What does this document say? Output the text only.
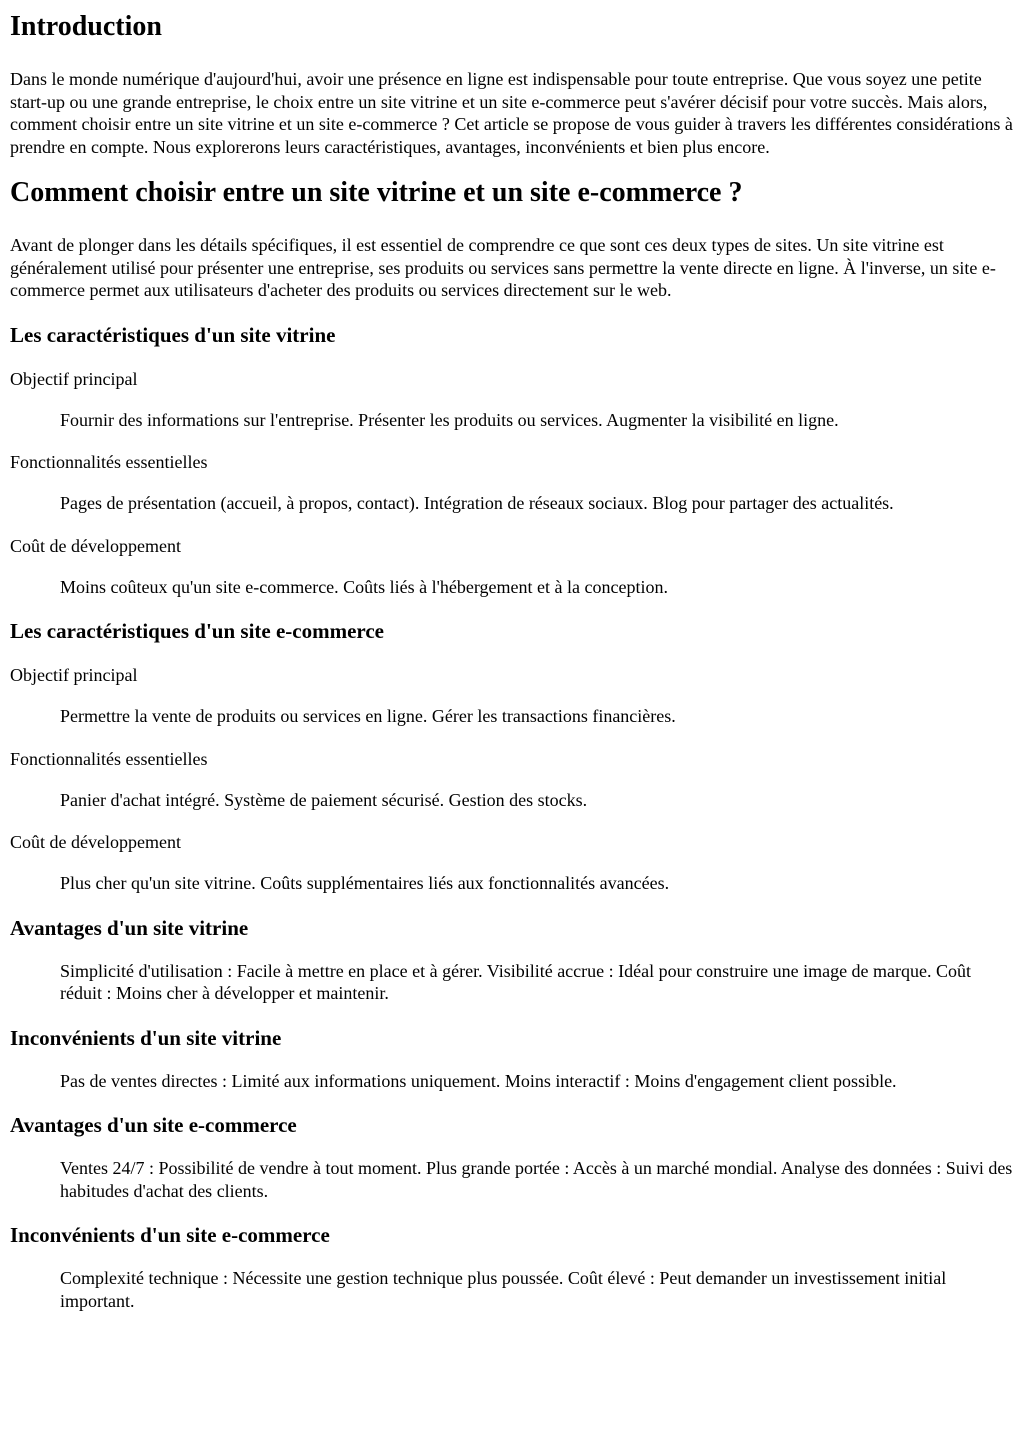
Introduction

Dans le monde numérique d'aujourd'hui, avoir une présence en ligne est indispensable pour toute entreprise. Que vous soyez une petite start-up ou une grande entreprise, le choix entre un site vitrine et un site e-commerce peut s'avérer décisif pour votre succès. Mais alors, comment choisir entre un site vitrine et un site e-commerce ? Cet article se propose de vous guider à travers les différentes considérations à prendre en compte. Nous explorerons leurs caractéristiques, avantages, inconvénients et bien plus encore.

Comment choisir entre un site vitrine et un site e-commerce ?

Avant de plonger dans les détails spécifiques, il est essentiel de comprendre ce que sont ces deux types de sites. Un site vitrine est généralement utilisé pour présenter une entreprise, ses produits ou services sans permettre la vente directe en ligne. À l'inverse, un site e-commerce permet aux utilisateurs d'acheter des produits ou services directement sur le web.

Les caractéristiques d'un site vitrine
Objectif principal
Fournir des informations sur l'entreprise. Présenter les produits ou services. Augmenter la visibilité en ligne.
Fonctionnalités essentielles
Pages de présentation (accueil, à propos, contact). Intégration de réseaux sociaux. Blog pour partager des actualités.
Coût de développement
Moins coûteux qu'un site e-commerce. Coûts liés à l'hébergement et à la conception.
Les caractéristiques d'un site e-commerce
Objectif principal
Permettre la vente de produits ou services en ligne. Gérer les transactions financières.
Fonctionnalités essentielles
Panier d'achat intégré. Système de paiement sécurisé. Gestion des stocks.
Coût de développement
Plus cher qu'un site vitrine. Coûts supplémentaires liés aux fonctionnalités avancées.
Avantages d'un site vitrine
Simplicité d'utilisation : Facile à mettre en place et à gérer. Visibilité accrue : Idéal pour construire une image de marque. Coût réduit : Moins cher à développer et maintenir.
Inconvénients d'un site vitrine
Pas de ventes directes : Limité aux informations uniquement. Moins interactif : Moins d'engagement client possible.
Avantages d'un site e-commerce
Ventes 24/7 : Possibilité de vendre à tout moment. Plus grande portée : Accès à un marché mondial. Analyse des données : Suivi des habitudes d'achat des clients.
Inconvénients d'un site e-commerce
Complexité technique : Nécessite une gestion technique plus poussée. Coût élevé : Peut demander un investissement initial important.
